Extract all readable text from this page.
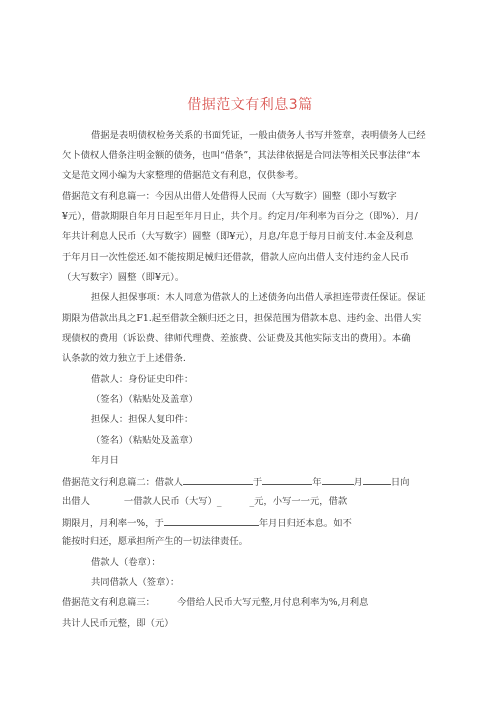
借据范文有利息3篇
借据是表明债权检务关系的书面凭证，一般由债务人书写并签章，表明债务人已经
欠卜债权人借条注明金额的债务，也叫“借条”，其法律依据是合同法等相关民事法律“本
文是范文网小编为大家整理的借据范文有利息，仅供参考。
借据范文有利息篇一：今因从出借人处借得人民而（大写数字）圆整（即小写数字
¥元），借款期限自年月日起至年月日止，共个月。约定月/年利率为百分之（即%）．月/
年共计利息人民币（大写数字）圆整（即¥元），月息/年息于每月日前支付.本金及利息
于年月日一次性偿还.如不能按期足械归还借款，借款人应向出借人支付违约金人民币
（大写数字）圆整（即¥元）。
担保人担保事项：木人同意为借款人的上述债务向出借人承担连带责任保证。保证
期限为借款出具之F1.起至借款全额归还之日，担保范围为借款本息、违约金、出借人实
现债权的费用（诉讼费、律师代理费、差旅费、公证费及其他实际支出的费用）。本确
认条款的效力独立于上述借条.
借款人：身份证史印件：
（签名）（粘贴处及盖章）
担保人：担保人复印件：
（签名）（粘贴处及盖章）
年月日
借据范文行利息篇二：借款人	于	年	月	日向
出借人	一借款人民币（大写）_	_元，小写一一元，借款
期限月，月利率一%，于	年月日归还本息。如不
能按时归还，愿承担所产生的一切法律责任。
借款人（卷章）：
共同借款人（签章）：
借据范文有利息篇三： 今借给人民币大写元整,月付息利率为%,月利息
共计人民币元整，即（元）
